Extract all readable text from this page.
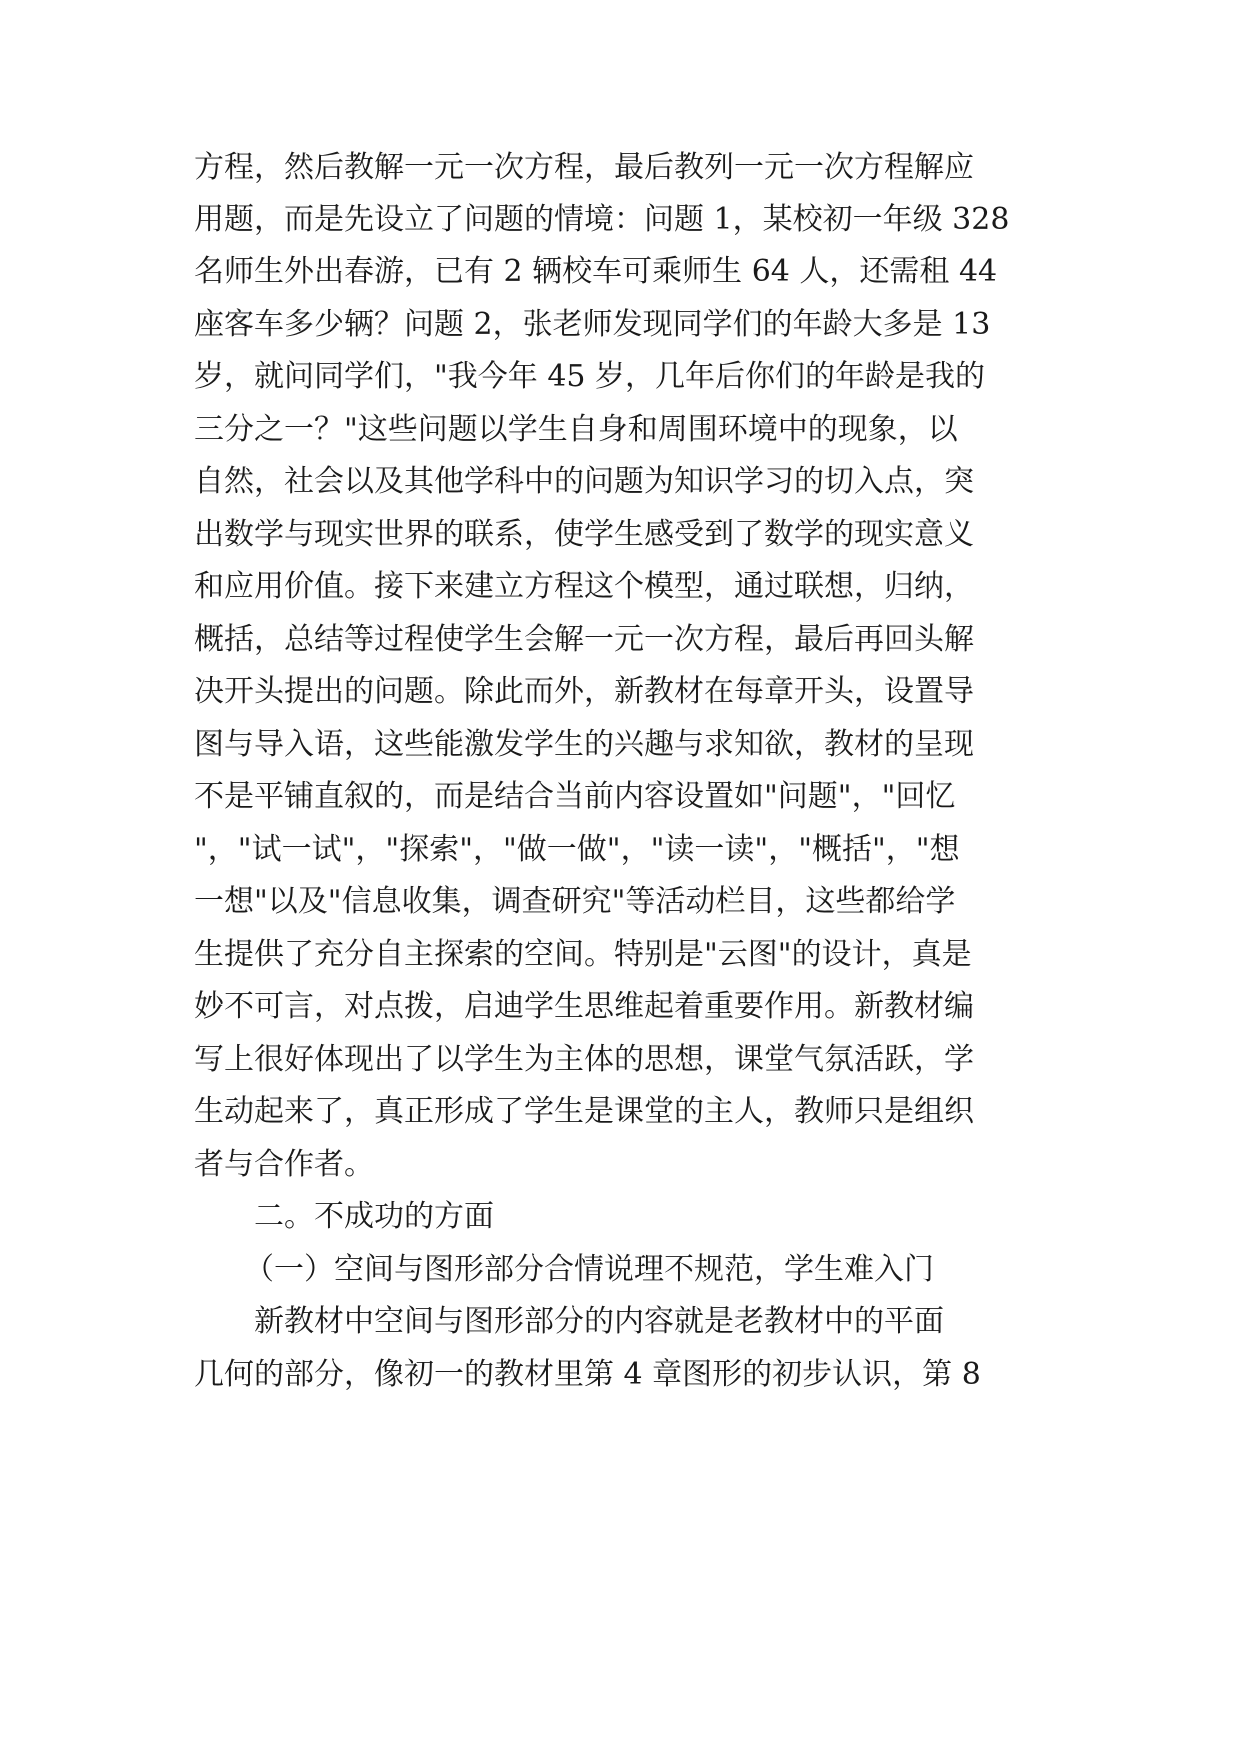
方程，然后教解一元一次方程，最后教列一元一次方程解应
用题，而是先设立了问题的情境：问题 1，某校初一年级 328
名师生外出春游，已有 2 辆校车可乘师生 64 人，还需租 44
座客车多少辆？问题 2，张老师发现同学们的年龄大多是 13
岁，就问同学们，"我今年 45 岁，几年后你们的年龄是我的
三分之一？"这些问题以学生自身和周围环境中的现象，以
自然，社会以及其他学科中的问题为知识学习的切入点，突
出数学与现实世界的联系，使学生感受到了数学的现实意义
和应用价值。接下来建立方程这个模型，通过联想，归纳，
概括，总结等过程使学生会解一元一次方程，最后再回头解
决开头提出的问题。除此而外，新教材在每章开头，设置导
图与导入语，这些能激发学生的兴趣与求知欲，教材的呈现
不是平铺直叙的，而是结合当前内容设置如"问题"，"回忆
"，"试一试"，"探索"，"做一做"，"读一读"，"概括"，"想
一想"以及"信息收集，调查研究"等活动栏目，这些都给学
生提供了充分自主探索的空间。特别是"云图"的设计，真是
妙不可言，对点拨，启迪学生思维起着重要作用。新教材编
写上很好体现出了以学生为主体的思想，课堂气氛活跃，学
生动起来了，真正形成了学生是课堂的主人，教师只是组织
者与合作者。
二。不成功的方面
（一）空间与图形部分合情说理不规范，学生难入门
新教材中空间与图形部分的内容就是老教材中的平面
几何的部分，像初一的教材里第 4 章图形的初步认识，第 8
